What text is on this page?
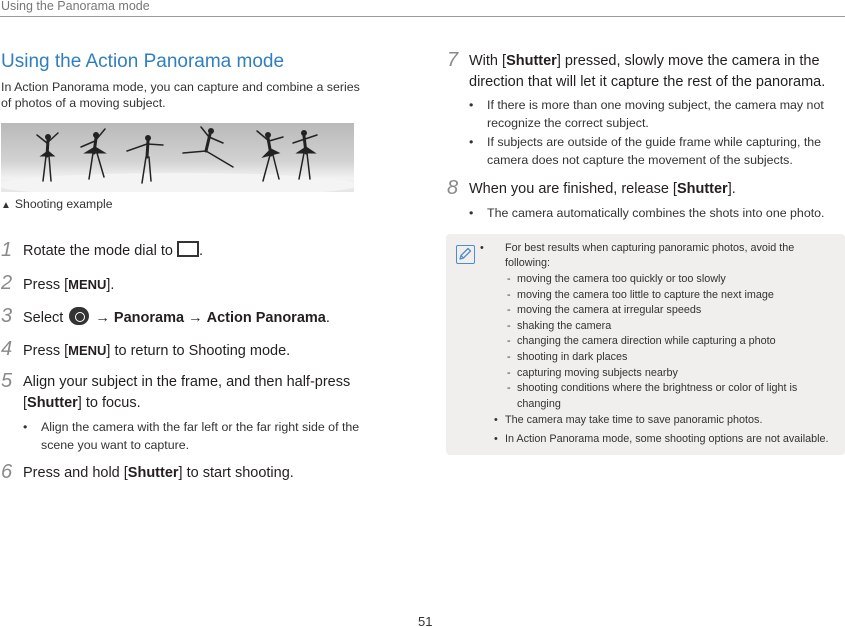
Using the Panorama mode
Using the Action Panorama mode
In Action Panorama mode, you can capture and combine a series
of photos of a moving subject.
▲ Shooting example
1 Rotate the mode dial to .
2 Press [MENU].
3 Select → Panorama → Action Panorama.
4 Press [MENU] to return to Shooting mode.
5 Align your subject in the frame, and then half-press
[Shutter] to focus.
• Align the camera with the far left or the far right side of the
scene you want to capture.
6 Press and hold [Shutter] to start shooting.
7 With [Shutter] pressed, slowly move the camera in the
direction that will let it capture the rest of the panorama.
• If there is more than one moving subject, the camera may not
recognize the correct subject.
• If subjects are outside of the guide frame while capturing, the
camera does not capture the movement of the subjects.
8 When you are finished, release [Shutter].
• The camera automatically combines the shots into one photo.
• For best results when capturing panoramic photos, avoid the
following:
- moving the camera too quickly or too slowly
- moving the camera too little to capture the next image
- moving the camera at irregular speeds
- shaking the camera
- changing the camera direction while capturing a photo
- shooting in dark places
- capturing moving subjects nearby
- shooting conditions where the brightness or color of light is
changing
• The camera may take time to save panoramic photos.
• In Action Panorama mode, some shooting options are not available.
51
